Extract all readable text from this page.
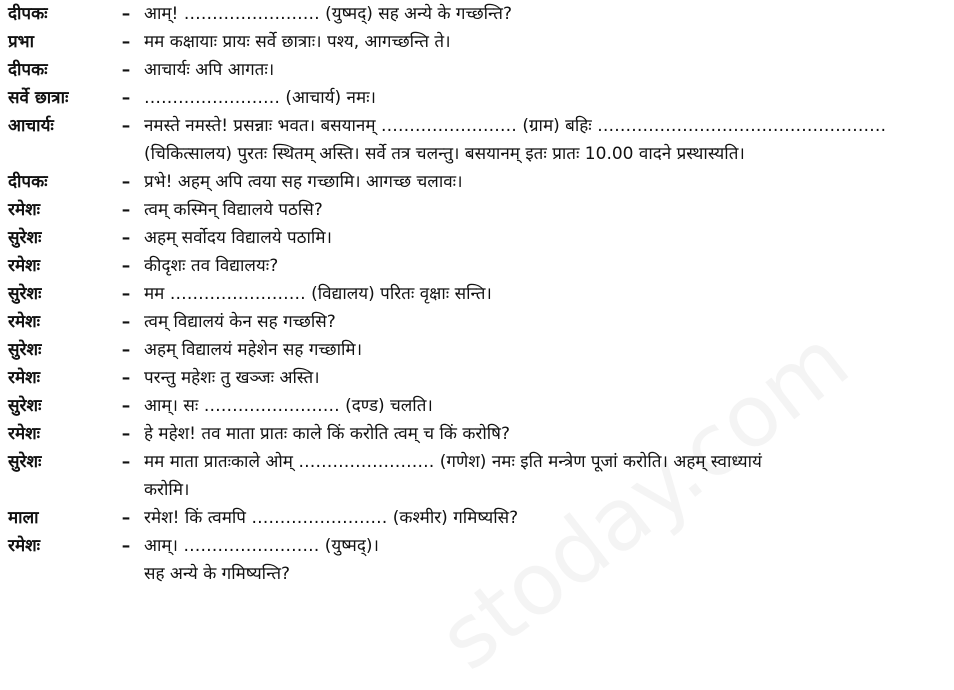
दीपकः	– आम्! …………………… (युष्मद्) सह अन्ये के गच्छन्ति?
प्रभा	– मम कक्षायाः प्रायः सर्वे छात्राः। पश्य, आगच्छन्ति ते।
दीपकः	– आचार्यः अपि आगतः।
सर्वे छात्राः	– …………………… (आचार्य) नमः।
आचार्यः	– नमस्ते नमस्ते! प्रसन्नाः भवत। बसयानम् …………………… (ग्राम) बहिः ……………………………………………
(चिकित्सालय) पुरतः स्थितम् अस्ति। सर्वे तत्र चलन्तु। बसयानम् इतः प्रातः 10.00 वादने प्रस्थास्यति।
दीपकः	– प्रभे! अहम् अपि त्वया सह गच्छामि। आगच्छ चलावः।
रमेशः	– त्वम् कस्मिन् विद्यालये पठसि?
सुरेशः	– अहम् सर्वोदय विद्यालये पठामि।
रमेशः	– कीदृशः तव विद्यालयः?
सुरेशः	– मम …………………… (विद्यालय) परितः वृक्षाः सन्ति।
रमेशः	– त्वम् विद्यालयं केन सह गच्छसि?
सुरेशः	– अहम् विद्यालयं महेशेन सह गच्छामि।
रमेशः	– परन्तु महेशः तु खञ्जः अस्ति।
सुरेशः	– आम्। सः …………………… (दण्ड) चलति।
रमेशः	– हे महेश! तव माता प्रातः काले किं करोति त्वम् च किं करोषि?
सुरेशः	– मम माता प्रातःकाले ओम् …………………… (गणेश) नमः इति मन्त्रेण पूजां करोति। अहम् स्वाध्यायं
करोमि।
माला	– रमेश! किं त्वमपि …………………… (कश्मीर) गमिष्यसि?
रमेशः	– आम्। …………………… (युष्मद्)।
सह अन्ये के गमिष्यन्ति?
